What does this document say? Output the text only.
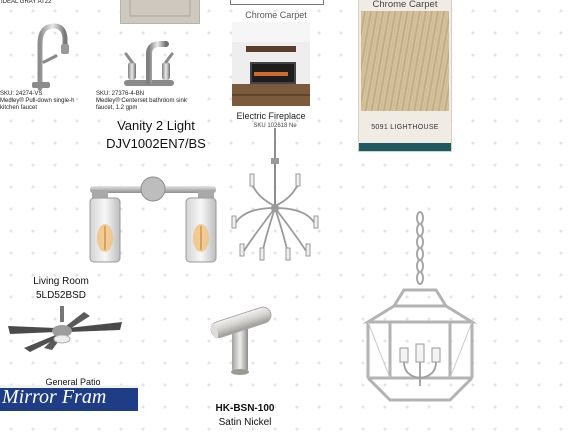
IDEAL GRAY AT22
SKU: 24274-VS
Medley® Pull-down single-h
kitchen faucet
SKU: 27376-4-BN
Medley® Centerset bathroom sink
faucet, 1.2 gpm
Chrome Carpet
Electric Fireplace
SKU 102618 Ne
Chrome Carpet
5091 LIGHTHOUSE
Vanity 2 Light
DJV1002EN7/BS
Living Room
5LD52BSD
General Patio
Mirror Fram
HK-BSN-100
Satin Nickel
